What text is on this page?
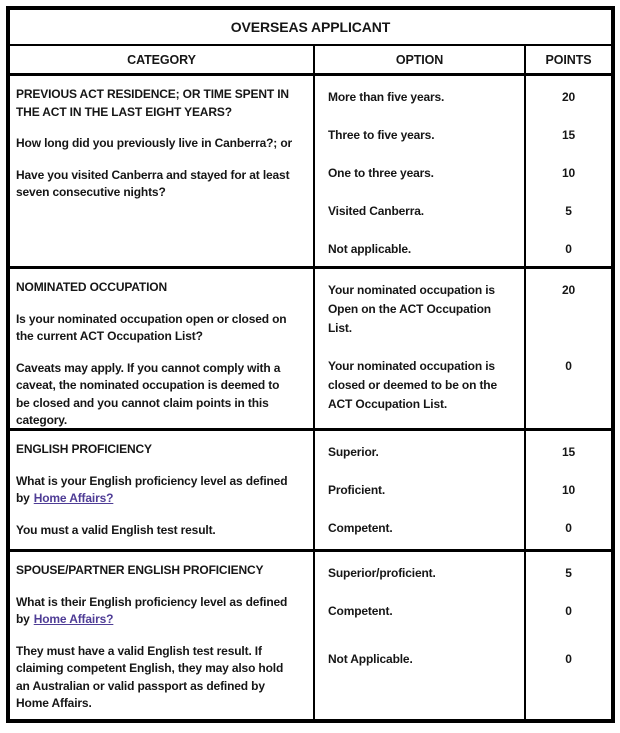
OVERSEAS APPLICANT
CATEGORY	OPTION	POINTS
PREVIOUS ACT RESIDENCE; OR TIME SPENT IN
THE ACT IN THE LAST EIGHT YEARS?
How long did you previously live in Canberra?; or
Have you visited Canberra and stayed for at least
seven consecutive nights?
More than five years.	20
Three to five years.	15
One to three years.	10
Visited Canberra.	5
Not applicable.	0
NOMINATED OCCUPATION
Is your nominated occupation open or closed on
the current ACT Occupation List?
Caveats may apply. If you cannot comply with a
caveat, the nominated occupation is deemed to
be closed and you cannot claim points in this
category.
Your nominated occupation is
Open on the ACT Occupation
List.
20
Your nominated occupation is
closed or deemed to be on the
ACT Occupation List.
0
ENGLISH PROFICIENCY
What is your English proficiency level as defined
by Home Affairs?
You must a valid English test result.
Superior.	15
Proficient.	10
Competent.	0
SPOUSE/PARTNER ENGLISH PROFICIENCY
What is their English proficiency level as defined
by Home Affairs?
They must have a valid English test result. If
claiming competent English, they may also hold
an Australian or valid passport as defined by
Home Affairs.
Superior/proficient.	5
Competent.	0
Not Applicable.	0
